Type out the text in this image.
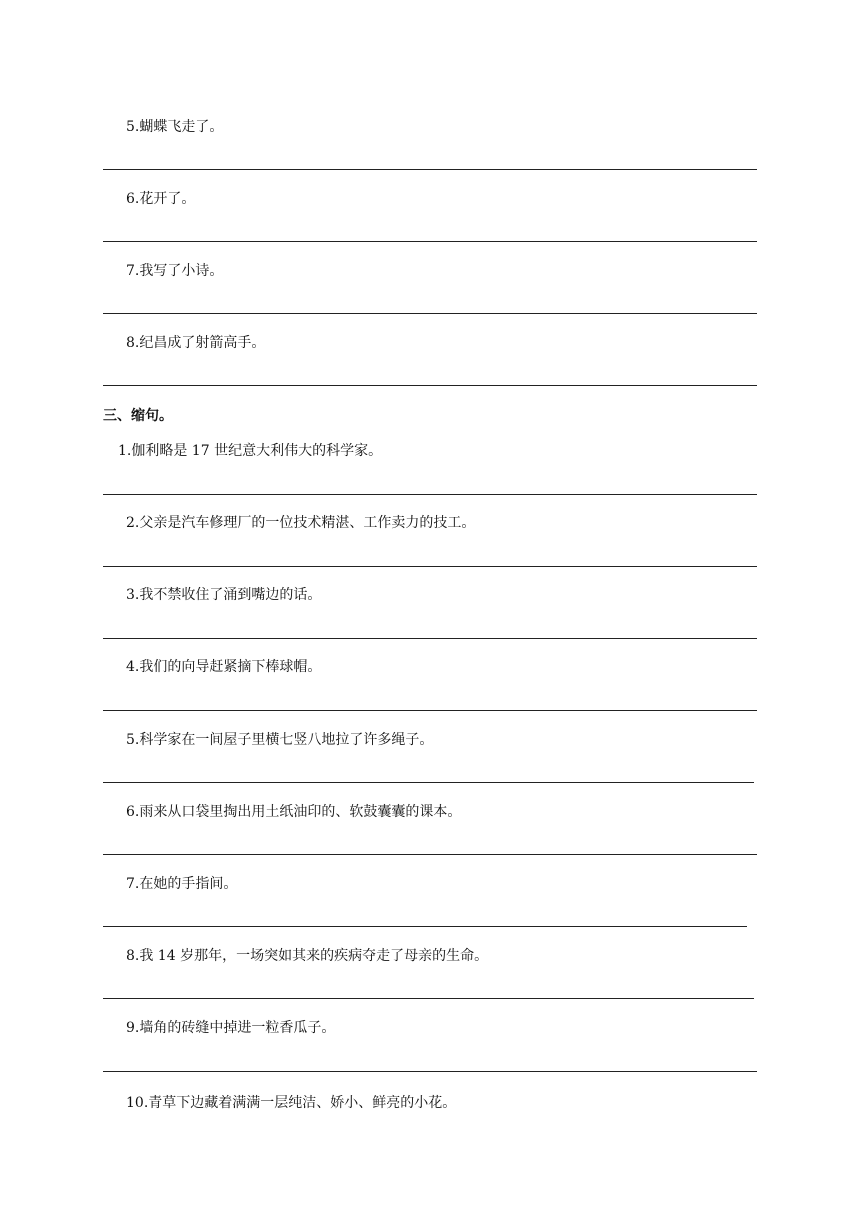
5.蝴蝶飞走了。
6.花开了。
7.我写了小诗。
8.纪昌成了射箭高手。
三、缩句。
1.伽利略是 17 世纪意大利伟大的科学家。
2.父亲是汽车修理厂的一位技术精湛、工作卖力的技工。
3.我不禁收住了涌到嘴边的话。
4.我们的向导赶紧摘下棒球帽。
5.科学家在一间屋子里横七竖八地拉了许多绳子。
6.雨来从口袋里掏出用土纸油印的、软鼓囊囊的课本。
7.在她的手指间。
8.我 14 岁那年，一场突如其来的疾病夺走了母亲的生命。
9.墙角的砖缝中掉进一粒香瓜子。
10.青草下边藏着满满一层纯洁、娇小、鲜亮的小花。
